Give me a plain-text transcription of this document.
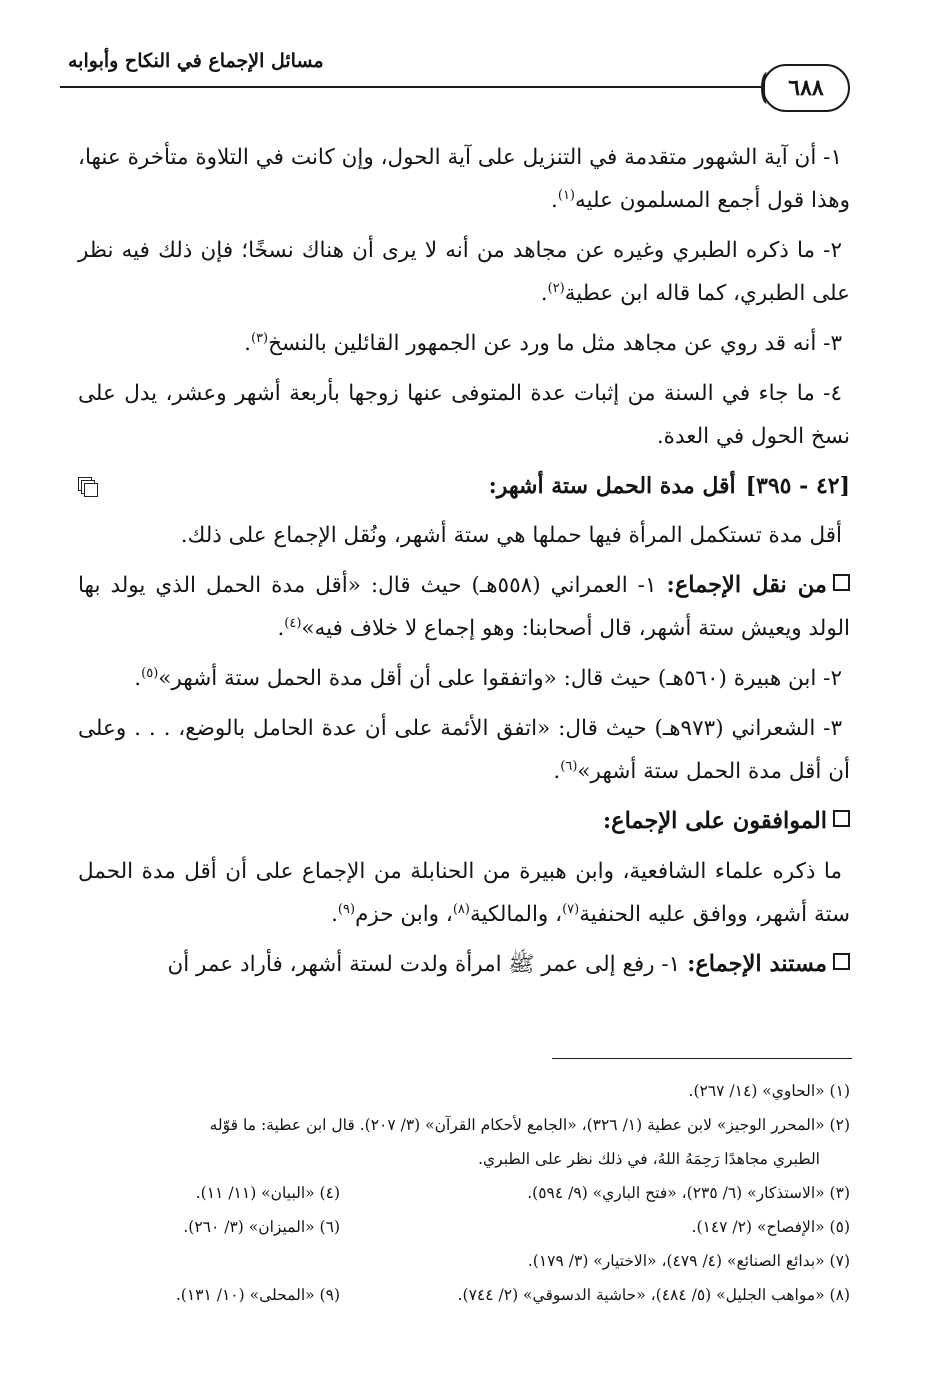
مسائل الإجماع في النكاح وأبوابه
٦٨٨

١- أن آية الشهور متقدمة في التنزيل على آية الحول، وإن كانت في التلاوة متأخرة عنها، وهذا قول أجمع المسلمون عليه$^{(١)}$.

٢- ما ذكره الطبري وغيره عن مجاهد من أنه لا يرى أن هناك نسخًا؛ فإن ذلك فيه نظر على الطبري، كما قاله ابن عطية$^{(٢)}$.

٣- أنه قد روي عن مجاهد مثل ما ورد عن الجمهور القائلين بالنسخ$^{(٣)}$.

٤- ما جاء في السنة من إثبات عدة المتوفى عنها زوجها بأربعة أشهر وعشر، يدل على نسخ الحول في العدة.

[٤٢ - ٣٩٥]
أقل مدة الحمل ستة أشهر:

أقل مدة تستكمل المرأة فيها حملها هي ستة أشهر، ونُقل الإجماع على ذلك.

من نقل الإجماع: ١- العمراني (٥٥٨هـ) حيث قال: «أقل مدة الحمل الذي يولد بها الولد ويعيش ستة أشهر، قال أصحابنا: وهو إجماع لا خلاف فيه»$^{(٤)}$.

٢- ابن هبيرة (٥٦٠هـ) حيث قال: «واتفقوا على أن أقل مدة الحمل ستة أشهر»$^{(٥)}$.

٣- الشعراني (٩٧٣هـ) حيث قال: «اتفق الأئمة على أن عدة الحامل بالوضع، . . . وعلى أن أقل مدة الحمل ستة أشهر»$^{(٦)}$.

الموافقون على الإجماع:

ما ذكره علماء الشافعية، وابن هبيرة من الحنابلة من الإجماع على أن أقل مدة الحمل ستة أشهر، ووافق عليه الحنفية$^{(٧)}$، والمالكية$^{(٨)}$، وابن حزم$^{(٩)}$.

مستند الإجماع: ١- رفع إلى عمر ﷺ امرأة ولدت لستة أشهر، فأراد عمر أن

(١) «الحاوي» (١٤/ ٢٦٧).

(٢) «المحرر الوجيز» لابن عطية (١/ ٣٢٦)، «الجامع لأحكام القرآن» (٣/ ٢٠٧). قال ابن عطية: ما قوّله

الطبري مجاهدًا رَحِمَهُ اللهُ، في ذلك نظر على الطبري.

(٣) «الاستذكار» (٦/ ٢٣٥)، «فتح الباري» (٩/ ٥٩٤).
(٤) «البيان» (١١/ ١١).
(٥) «الإفصاح» (٢/ ١٤٧).
(٦) «الميزان» (٣/ ٢٦٠).

(٧) «بدائع الصنائع» (٤/ ٤٧٩)، «الاختيار» (٣/ ١٧٩).

(٨) «مواهب الجليل» (٥/ ٤٨٤)، «حاشية الدسوقي» (٢/ ٧٤٤).
(٩) «المحلى» (١٠/ ١٣١).
